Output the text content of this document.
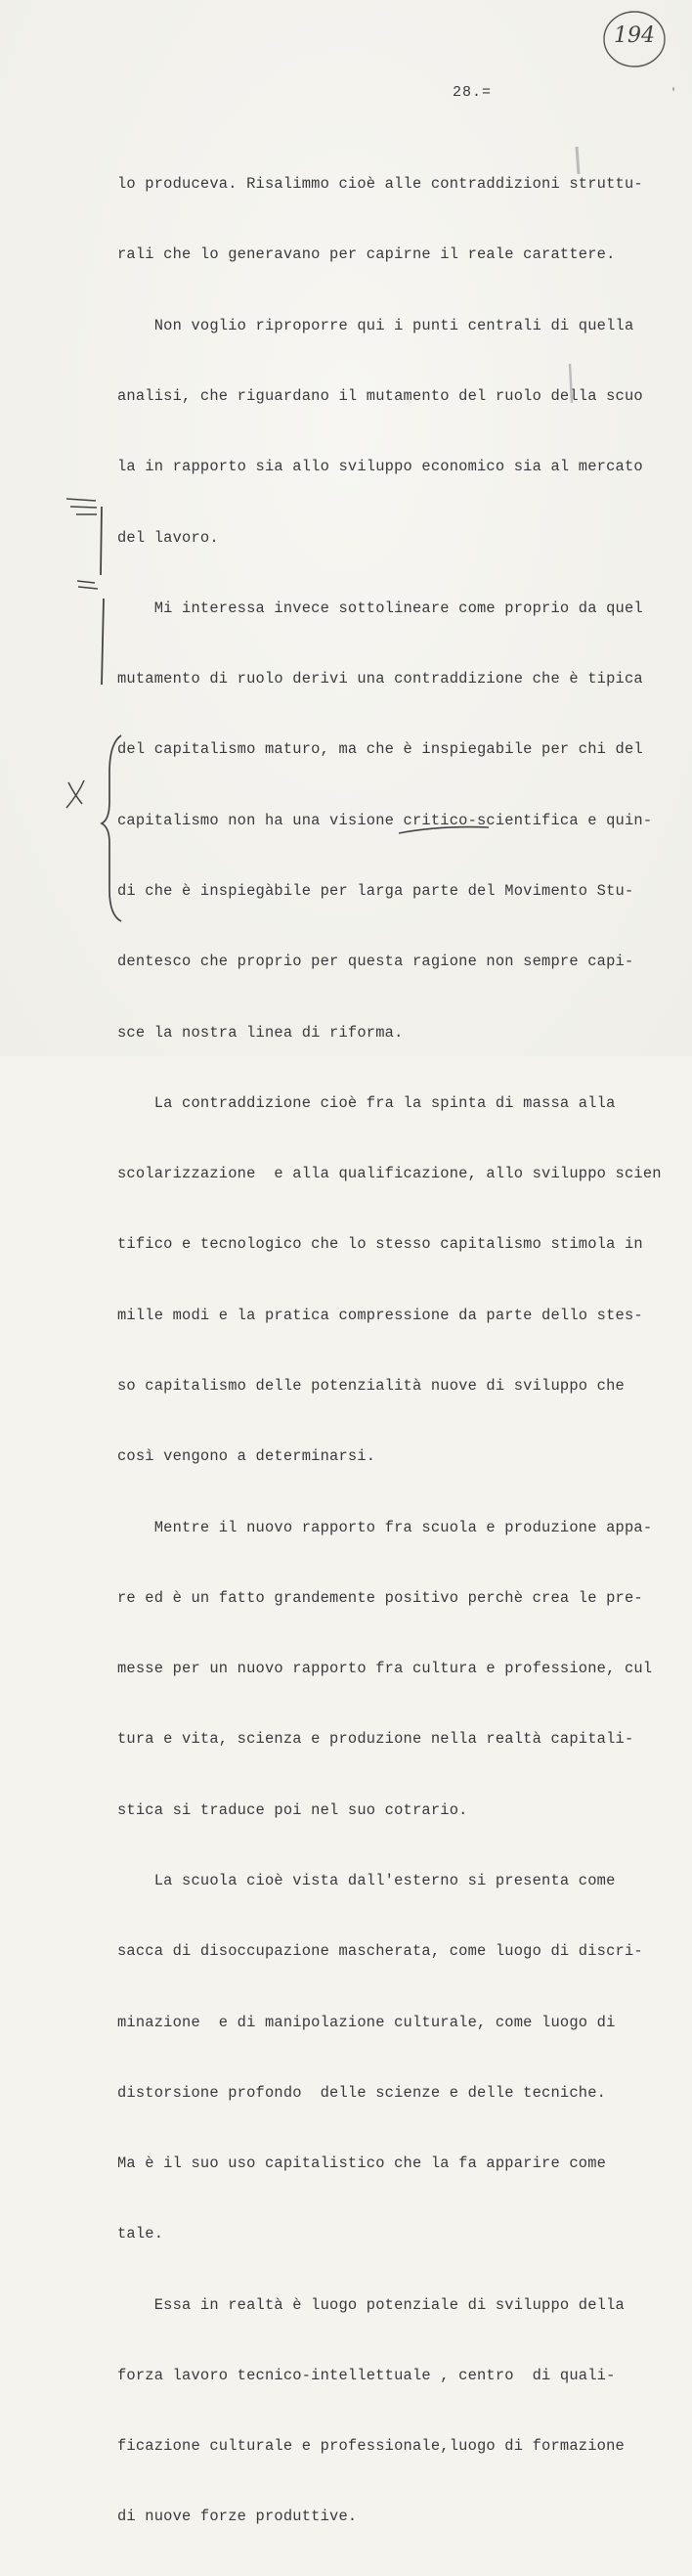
194
′
28.=

lo produceva. Risalimmo cioè alle contraddizioni struttu-

rali che lo generavano per capirne il reale carattere.

Non voglio riproporre qui i punti centrali di quella

analisi, che riguardano il mutamento del ruolo della scuo

la in rapporto sia allo sviluppo economico sia al mercato

del lavoro.

Mi interessa invece sottolineare come proprio da quel

mutamento di ruolo derivi una contraddizione che è tipica

del capitalismo maturo, ma che è inspiegabile per chi del

capitalismo non ha una visione critico-scientifica e quin-

di che è inspiegàbile per larga parte del Movimento Stu-

dentesco che proprio per questa ragione non sempre capi-

sce la nostra linea di riforma.

La contraddizione cioè fra la spinta di massa alla

scolarizzazione  e alla qualificazione, allo sviluppo scien

tifico e tecnologico che lo stesso capitalismo stimola in

mille modi e la pratica compressione da parte dello stes-

so capitalismo delle potenzialità nuove di sviluppo che

così vengono a determinarsi.

Mentre il nuovo rapporto fra scuola e produzione appa-

re ed è un fatto grandemente positivo perchè crea le pre-

messe per un nuovo rapporto fra cultura e professione, cul

tura e vita, scienza e produzione nella realtà capitali-

stica si traduce poi nel suo cotrario.

La scuola cioè vista dall'esterno si presenta come

sacca di disoccupazione mascherata, come luogo di discri-

minazione  e di manipolazione culturale, come luogo di

distorsione profondo  delle scienze e delle tecniche.

Ma è il suo uso capitalistico che la fa apparire come

tale.

Essa in realtà è luogo potenziale di sviluppo della

forza lavoro tecnico-intellettuale , centro  di quali-

ficazione culturale e professionale,luogo di formazione

di nuove forze produttive.
